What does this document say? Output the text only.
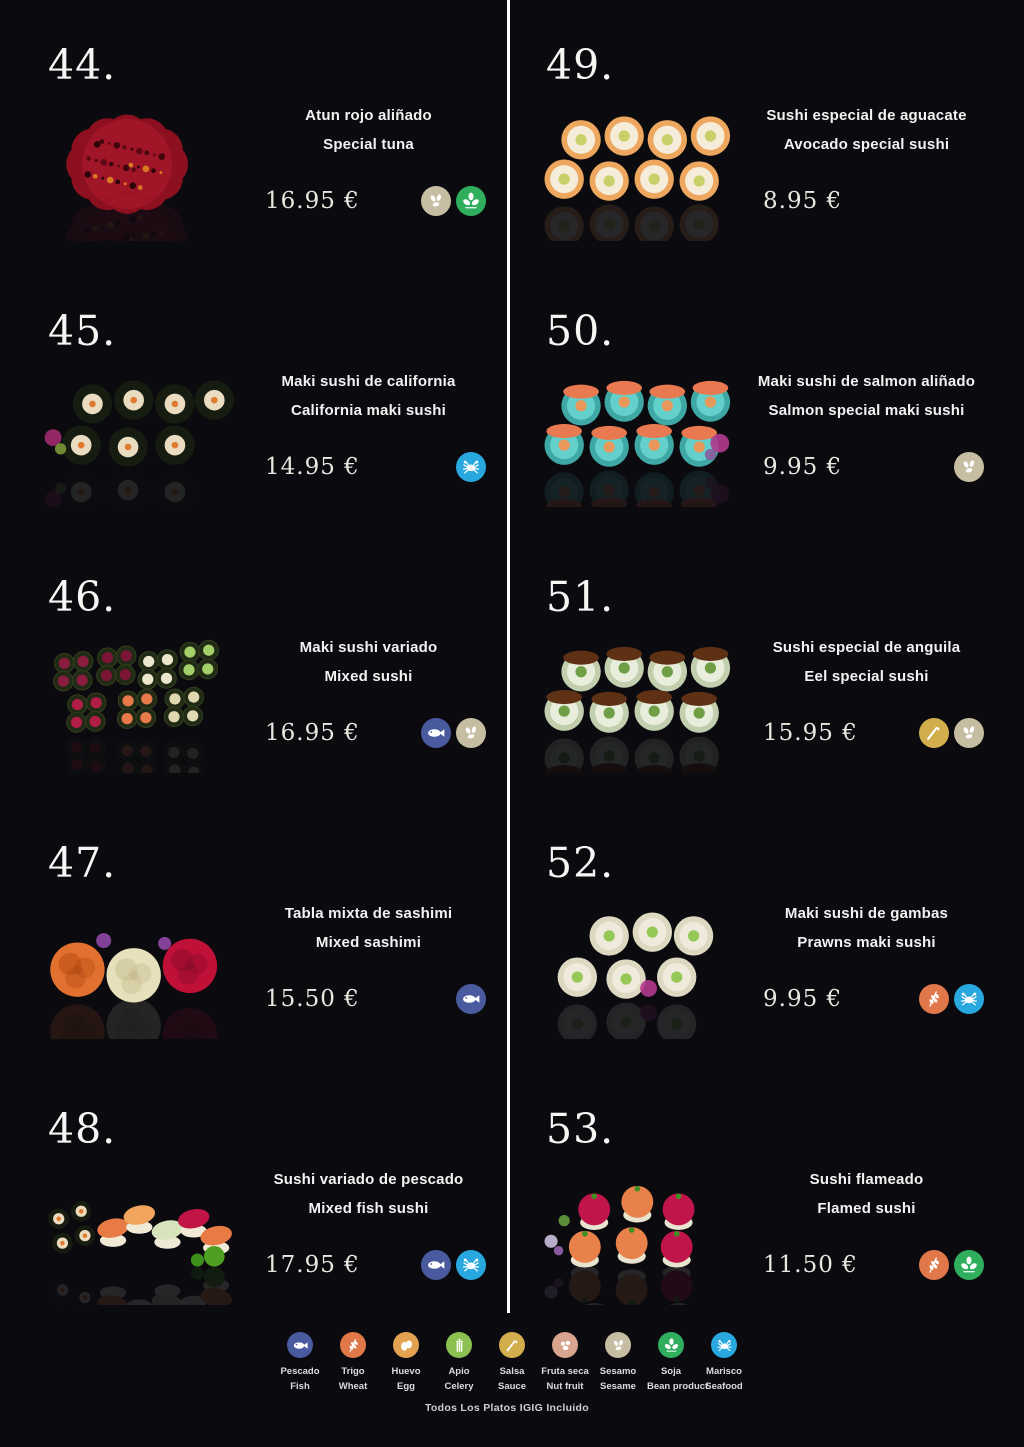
44.
Atun rojo aliñado
Special tuna
16.95 €
45.
Maki sushi de california
California maki sushi
14.95 €
46.
Maki sushi variado
Mixed sushi
16.95 €
47.
Tabla mixta de sashimi
Mixed sashimi
15.50 €
48.
Sushi variado de pescado
Mixed fish sushi
17.95 €
49.
Sushi especial de aguacate
Avocado special sushi
8.95 €
50.
Maki sushi de salmon aliñado
Salmon special maki sushi
9.95 €
51.
Sushi especial de anguila
Eel special sushi
15.95 €
52.
Maki sushi de gambas
Prawns maki sushi
9.95 €
53.
Sushi flameado
Flamed sushi
11.50 €
Pescado
Fish
Trigo
Wheat
Huevo
Egg
Apio
Celery
Salsa
Sauce
Fruta seca
Nut fruit
Sesamo
Sesame
Soja
Bean product
Marisco
Seafood
Todos Los Platos IGIG Incluido
